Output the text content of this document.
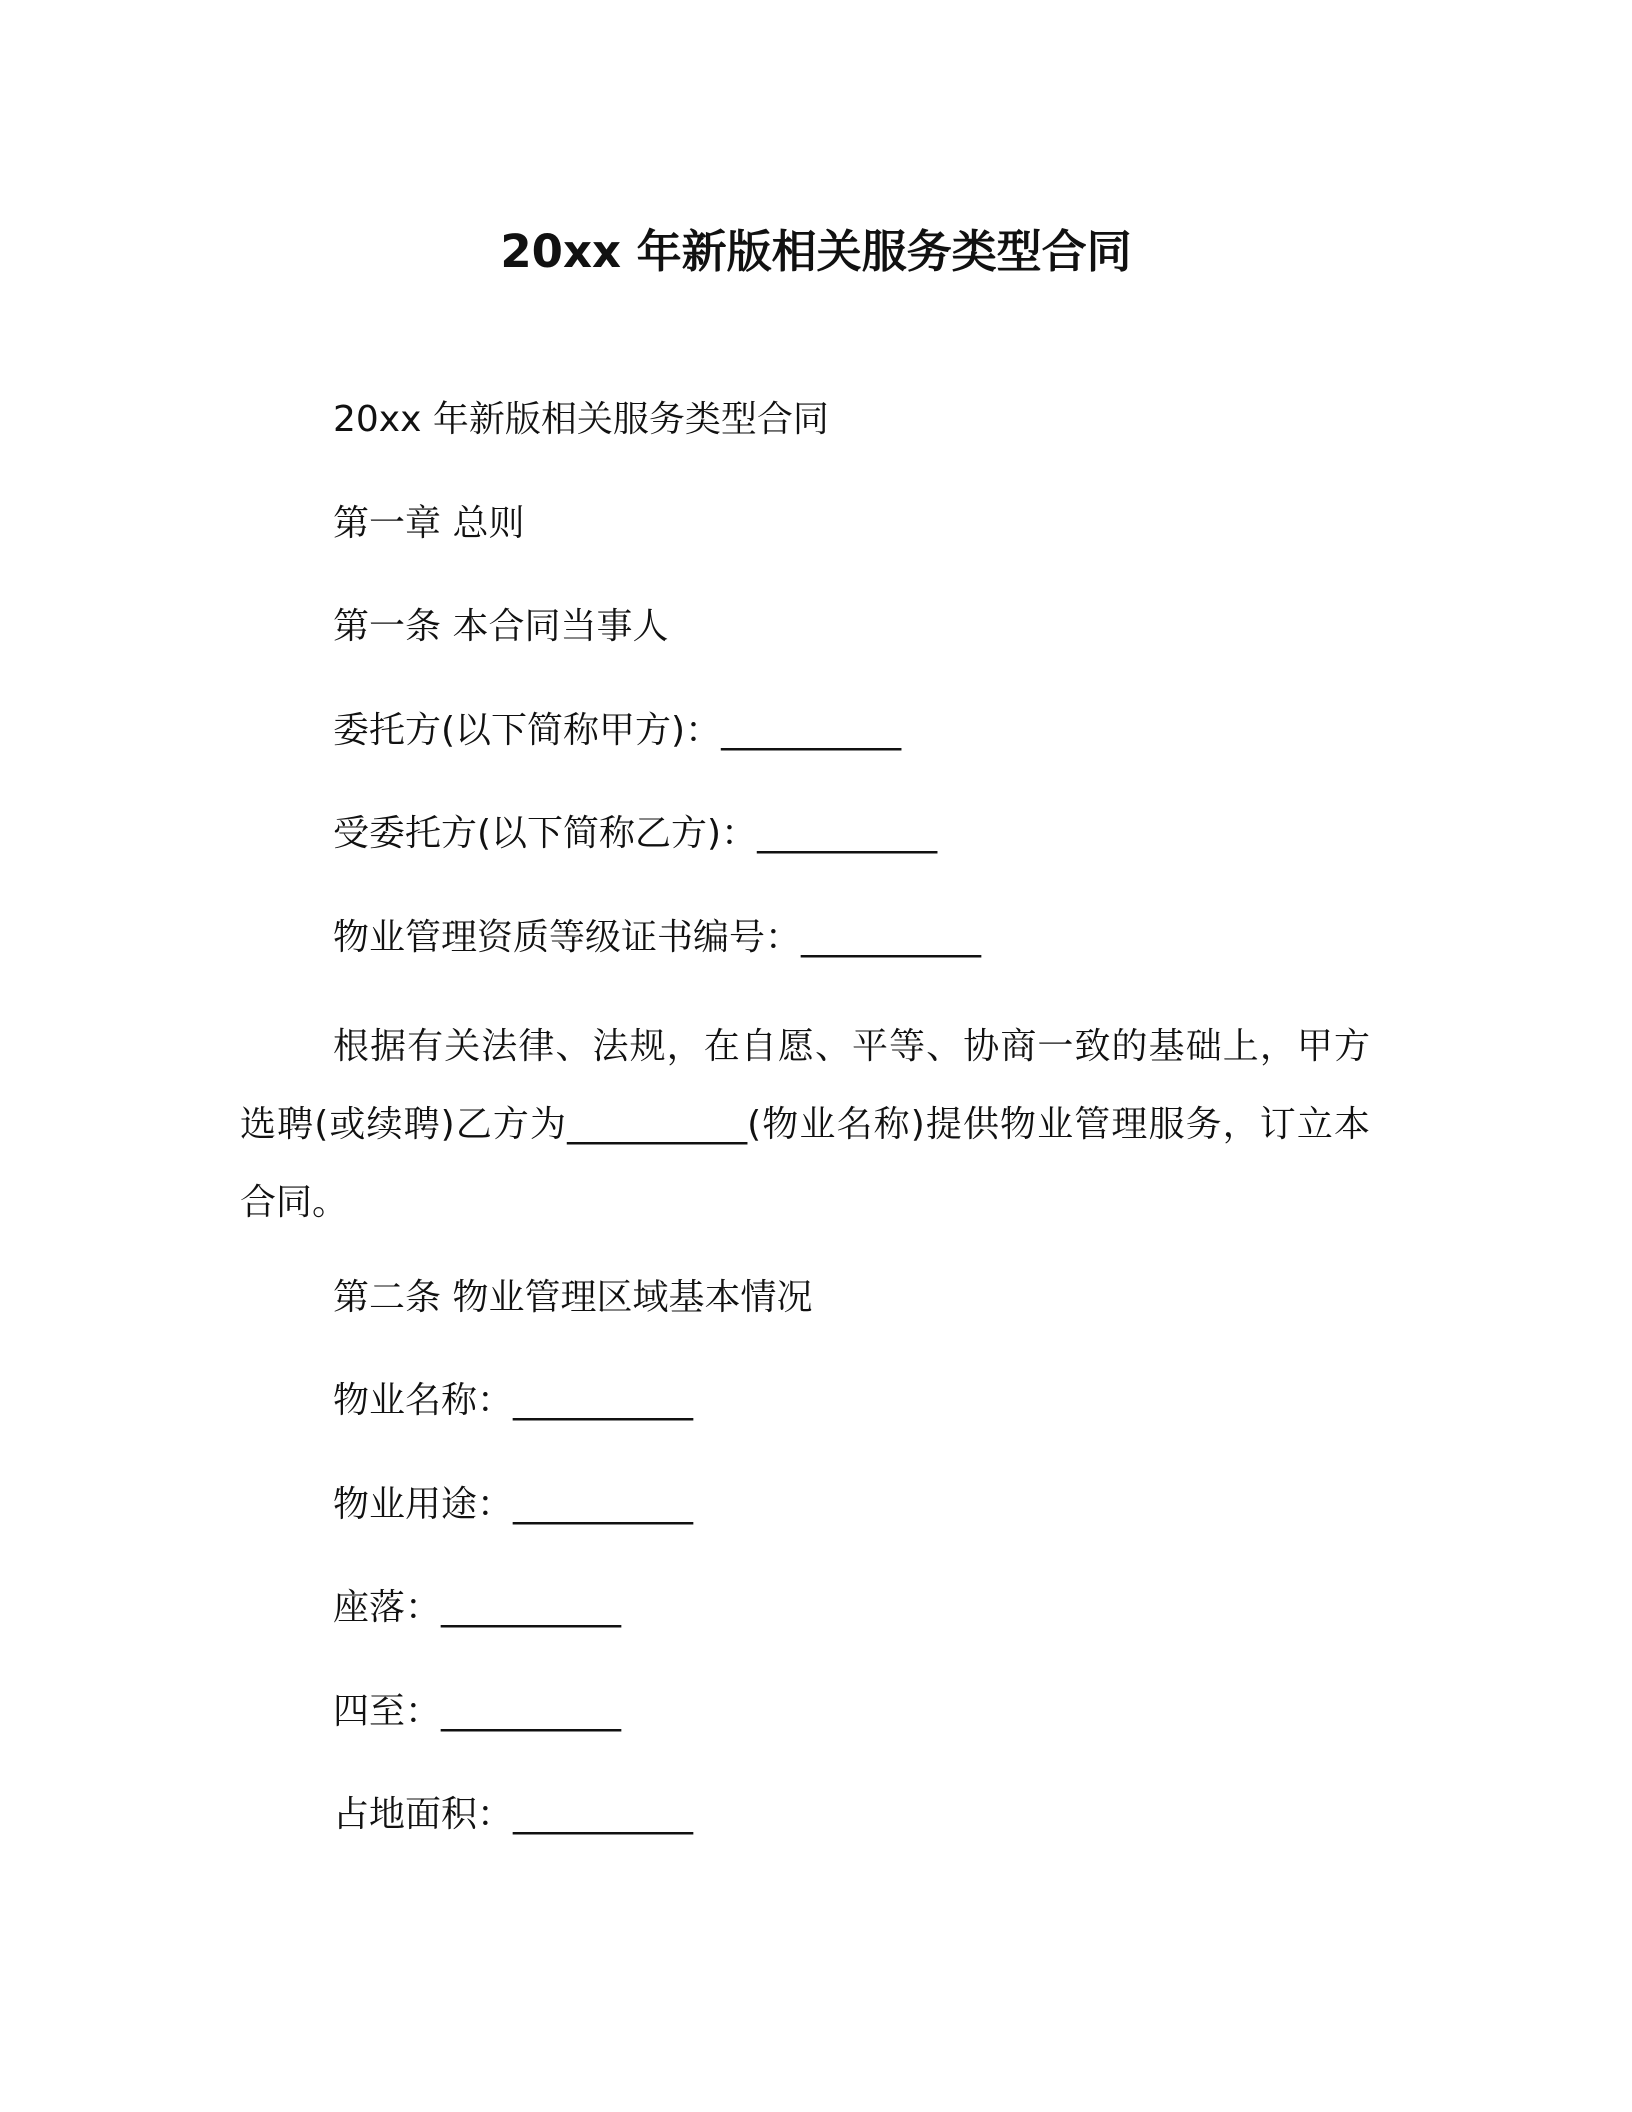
20xx 年新版相关服务类型合同
20xx 年新版相关服务类型合同
第一章 总则
第一条 本合同当事人
委托方(以下简称甲方)：__________
受委托方(以下简称乙方)：__________
物业管理资质等级证书编号：__________
根据有关法律、法规，在自愿、平等、协商一致的基础上，甲方选聘(或续聘)乙方为__________(物业名称)提供物业管理服务，订立本合同。
第二条 物业管理区域基本情况
物业名称：__________
物业用途：__________
座落：__________
四至：__________
占地面积：__________
